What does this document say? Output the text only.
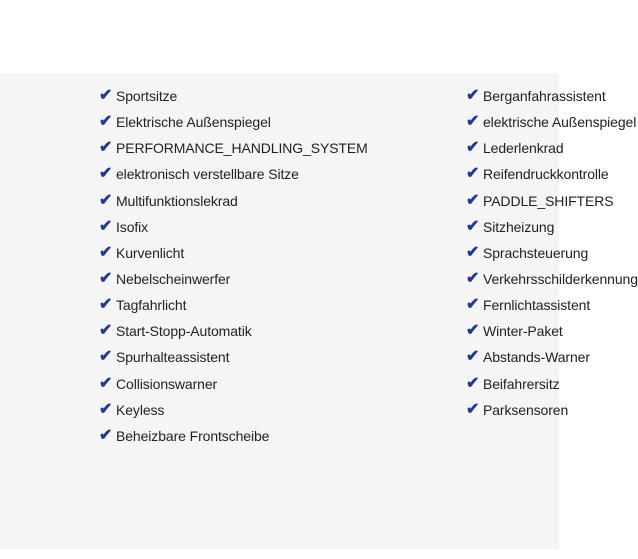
✔ Sportsitze
✔ Elektrische Außenspiegel
✔ PERFORMANCE_HANDLING_SYSTEM
✔ elektronisch verstellbare Sitze
✔ Multifunktionslekrad
✔ Isofix
✔ Kurvenlicht
✔ Nebelscheinwerfer
✔ Tagfahrlicht
✔ Start-Stopp-Automatik
✔ Spurhalteassistent
✔ Collisionswarner
✔ Keyless
✔ Beheizbare Frontscheibe
✔ Berganfahrassistent
✔ elektrische Außenspiegel
✔ Lederlenkrad
✔ Reifendruckkontrolle
✔ PADDLE_SHIFTERS
✔ Sitzheizung
✔ Sprachsteuerung
✔ Verkehrsschilderkennung
✔ Fernlichtassistent
✔ Winter-Paket
✔ Abstands-Warner
✔ Beifahrersitz
✔ Parksensoren
